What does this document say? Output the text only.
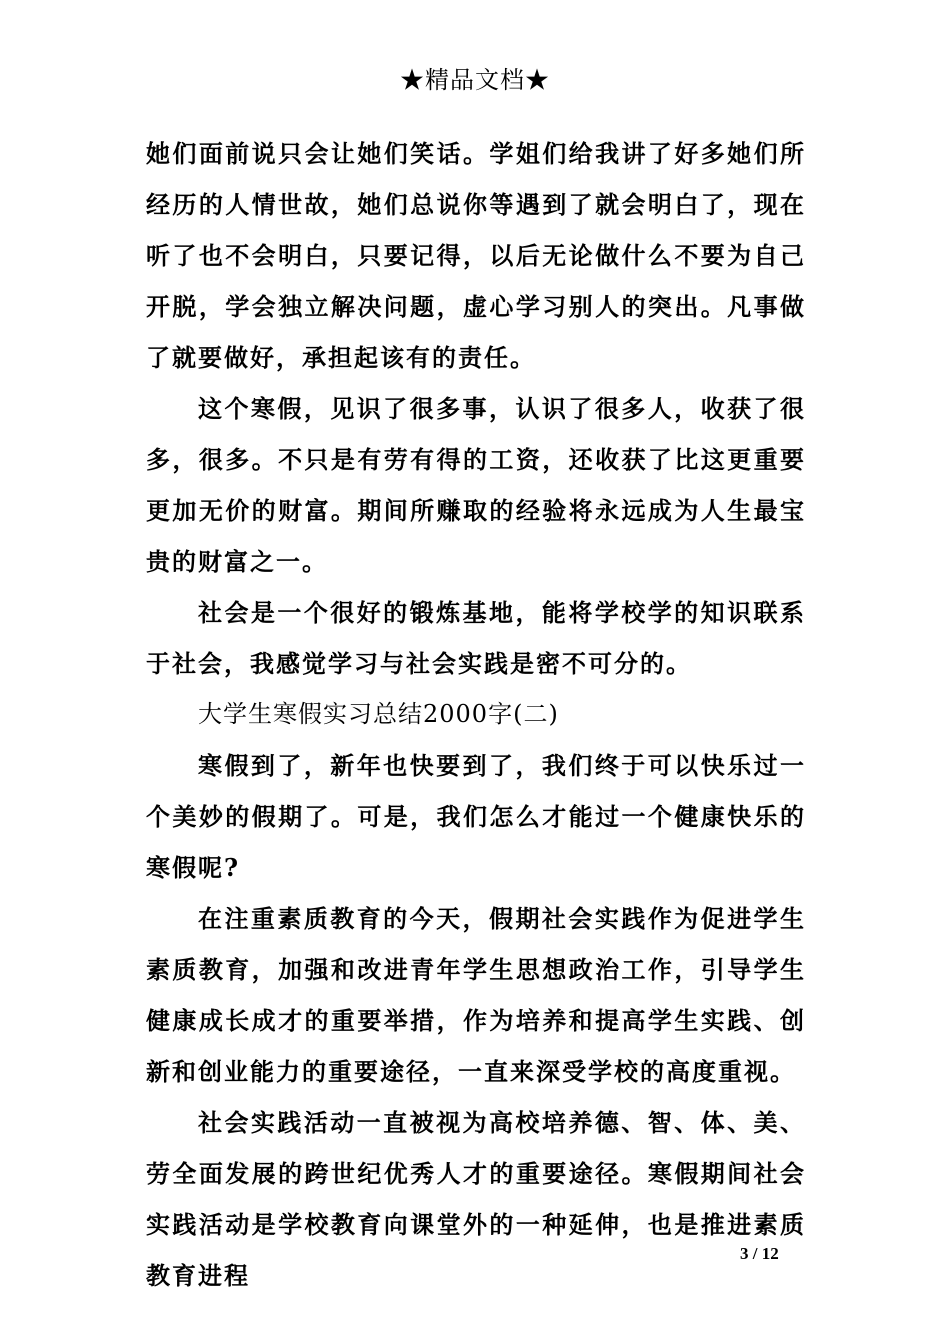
★精品文档★

她们面前说只会让她们笑话。学姐们给我讲了好多她们所经历的人情世故，她们总说你等遇到了就会明白了，现在听了也不会明白，只要记得，以后无论做什么不要为自己开脱，学会独立解决问题，虚心学习别人的突出。凡事做了就要做好，承担起该有的责任。

这个寒假，见识了很多事，认识了很多人，收获了很多，很多。不只是有劳有得的工资，还收获了比这更重要更加无价的财富。期间所赚取的经验将永远成为人生最宝贵的财富之一。

社会是一个很好的锻炼基地，能将学校学的知识联系于社会，我感觉学习与社会实践是密不可分的。

大学生寒假实习总结2000字(二)

寒假到了，新年也快要到了，我们终于可以快乐过一个美妙的假期了。可是，我们怎么才能过一个健康快乐的寒假呢?

在注重素质教育的今天，假期社会实践作为促进学生素质教育，加强和改进青年学生思想政治工作，引导学生健康成长成才的重要举措，作为培养和提高学生实践、创新和创业能力的重要途径，一直来深受学校的高度重视。

社会实践活动一直被视为高校培养德、智、体、美、劳全面发展的跨世纪优秀人才的重要途径。寒假期间社会实践活动是学校教育向课堂外的一种延伸，也是推进素质教育进程

3 / 12
